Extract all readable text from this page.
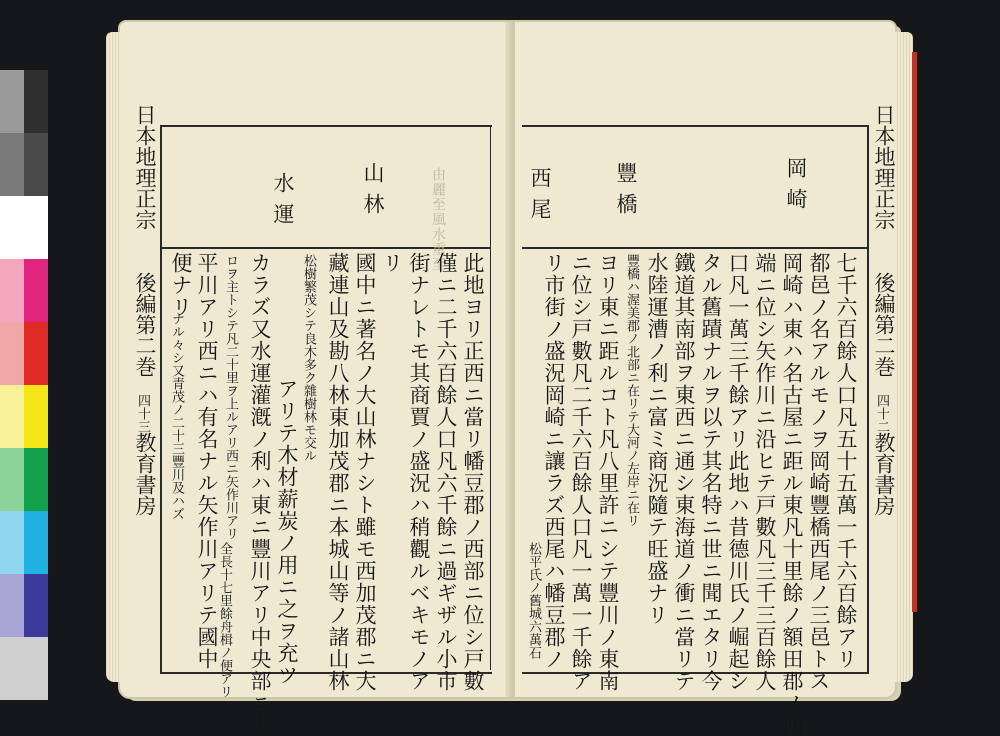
日本地理正宗
後編第二巻
四十三
教育書房
由麗至風水重至
山林
水運
此地ヨリ正西ニ當リ幡豆郡ノ西部ニ位シ戸數
僅ニ二千六百餘人口凡六千餘ニ過ギザル小市
街ナレトモ其商賈ノ盛況ハ稍觀ルベキモノア
リ
國中ニ著名ノ大山林ナシト雖モ西加茂郡ニ大
藏連山及勘八林東加茂郡ニ本城山等ノ諸山林
松樹繁茂シテ良木多ク雜樹林モ交ル
アリテ木材薪炭ノ用ニ之ヲ充ツ
カラズ又水運灌漑ノ利ハ東ニ豐川アリ中央部ニ大
ロヲ主トシテ凡二十里ヲ上ルアリ西ニ矢作川アリ
平川アリ西ニハ有名ナル矢作川アリテ國中
全長十七里餘舟楫ノ便アリ
便ナリ
ナル々シ又青茂ノ二十三豐川及ハズ
日本地理正宗
後編第二巻
四十二
教育書房
岡崎
豐橋
西尾
七千六百餘人口凡五十五萬一千六百餘アリ
都邑ノ名アルモノヲ岡崎豐橋西尾ノ三邑トス
岡崎ハ東ハ名古屋ニ距ル東凡十里餘ノ額田郡ノ西
端ニ位シ矢作川ニ沿ヒテ戸數凡三千三百餘人
口凡一萬三千餘アリ此地ハ昔德川氏ノ崛起シ
タル舊蹟ナルヲ以テ其名特ニ世ニ聞エタリ今
鐵道其南部ヲ東西ニ通シ東海道ノ衝ニ當リテ
水陸運漕ノ利ニ富ミ商況隨テ旺盛ナリ
豐橋ハ渥美郡ノ北部ニ在リテ大河ノ左岸ニ在リ
ヨリ東ニ距ルコト凡八里許ニシテ豐川ノ東南
ニ位シ戸數凡二千六百餘人口凡一萬一千餘ア
リ市街ノ盛況岡崎ニ讓ラズ西尾ハ幡豆郡ノ
松平氏ノ舊城六萬石
